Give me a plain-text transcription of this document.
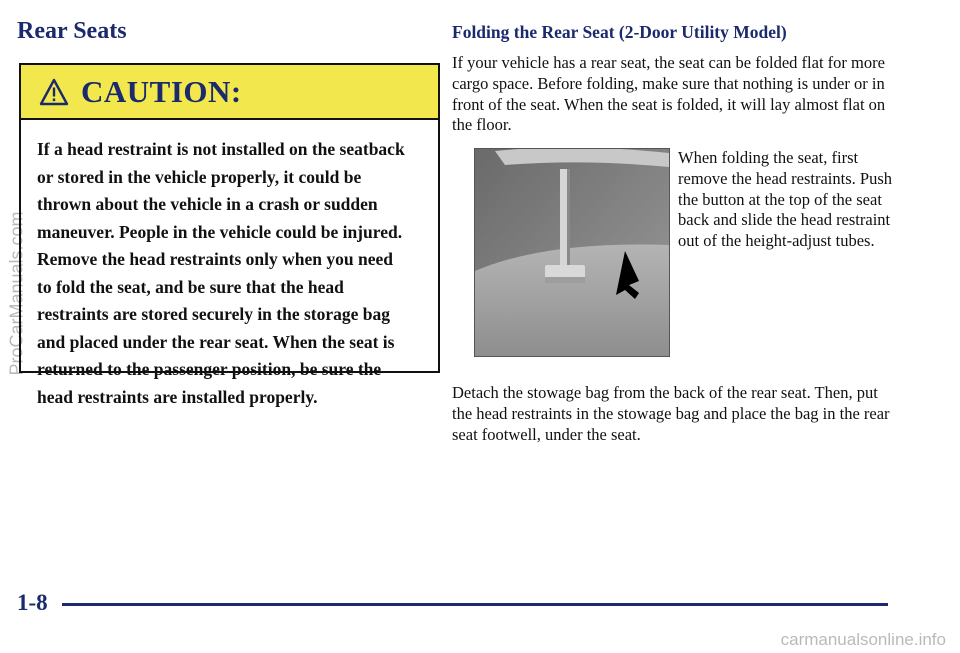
Rear Seats
CAUTION:
If a head restraint is not installed on the seatback
or stored in the vehicle properly, it could be
thrown about the vehicle in a crash or sudden
maneuver. People in the vehicle could be injured.
Remove the head restraints only when you need
to fold the seat, and be sure that the head
restraints are stored securely in the storage bag
and placed under the rear seat. When the seat is
returned to the passenger position, be sure the
head restraints are installed properly.
Folding the Rear Seat (2-Door Utility Model)

If your vehicle has a rear seat, the seat can be folded flat for more cargo space. Before folding, make sure that nothing is under or in front of the seat. When the seat is folded, it will lay almost flat on the floor.

When folding the seat, first remove the head restraints. Push the button at the top of the seat back and slide the head restraint out of the height-adjust tubes.

Detach the stowage bag from the back of the rear seat. Then, put the head restraints in the stowage bag and place the bag in the rear seat footwell, under the seat.

1-8

ProCarManuals.com

carmanualsonline.info
